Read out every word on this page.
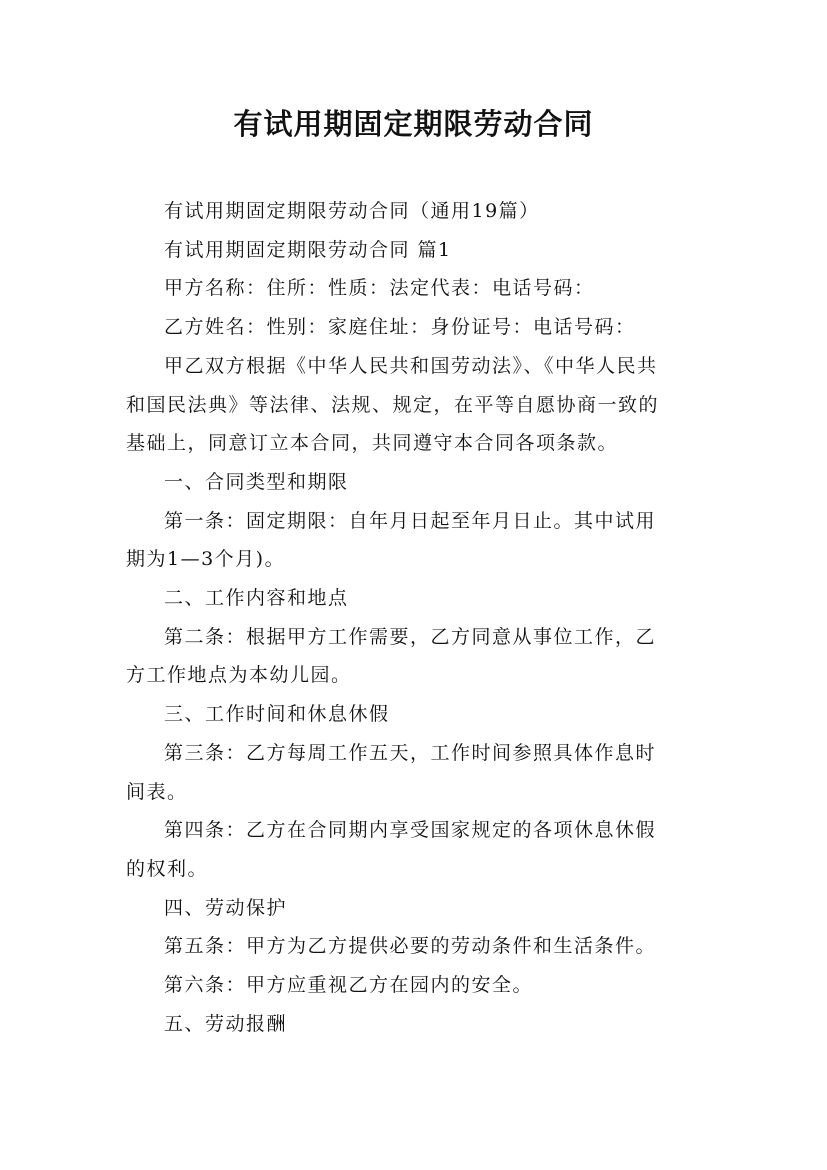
有试用期固定期限劳动合同
有试用期固定期限劳动合同（通用19篇）
有试用期固定期限劳动合同 篇1
甲方名称：住所：性质：法定代表：电话号码：
乙方姓名：性别：家庭住址：身份证号：电话号码：
甲乙双方根据《中华人民共和国劳动法》、《中华人民共
和国民法典》等法律、法规、规定，在平等自愿协商一致的
基础上，同意订立本合同，共同遵守本合同各项条款。
一、合同类型和期限
第一条：固定期限：自年月日起至年月日止。其中试用
期为1—3个月)。
二、工作内容和地点
第二条：根据甲方工作需要，乙方同意从事位工作，乙
方工作地点为本幼儿园。
三、工作时间和休息休假
第三条：乙方每周工作五天，工作时间参照具体作息时
间表。
第四条：乙方在合同期内享受国家规定的各项休息休假
的权利。
四、劳动保护
第五条：甲方为乙方提供必要的劳动条件和生活条件。
第六条：甲方应重视乙方在园内的安全。
五、劳动报酬
